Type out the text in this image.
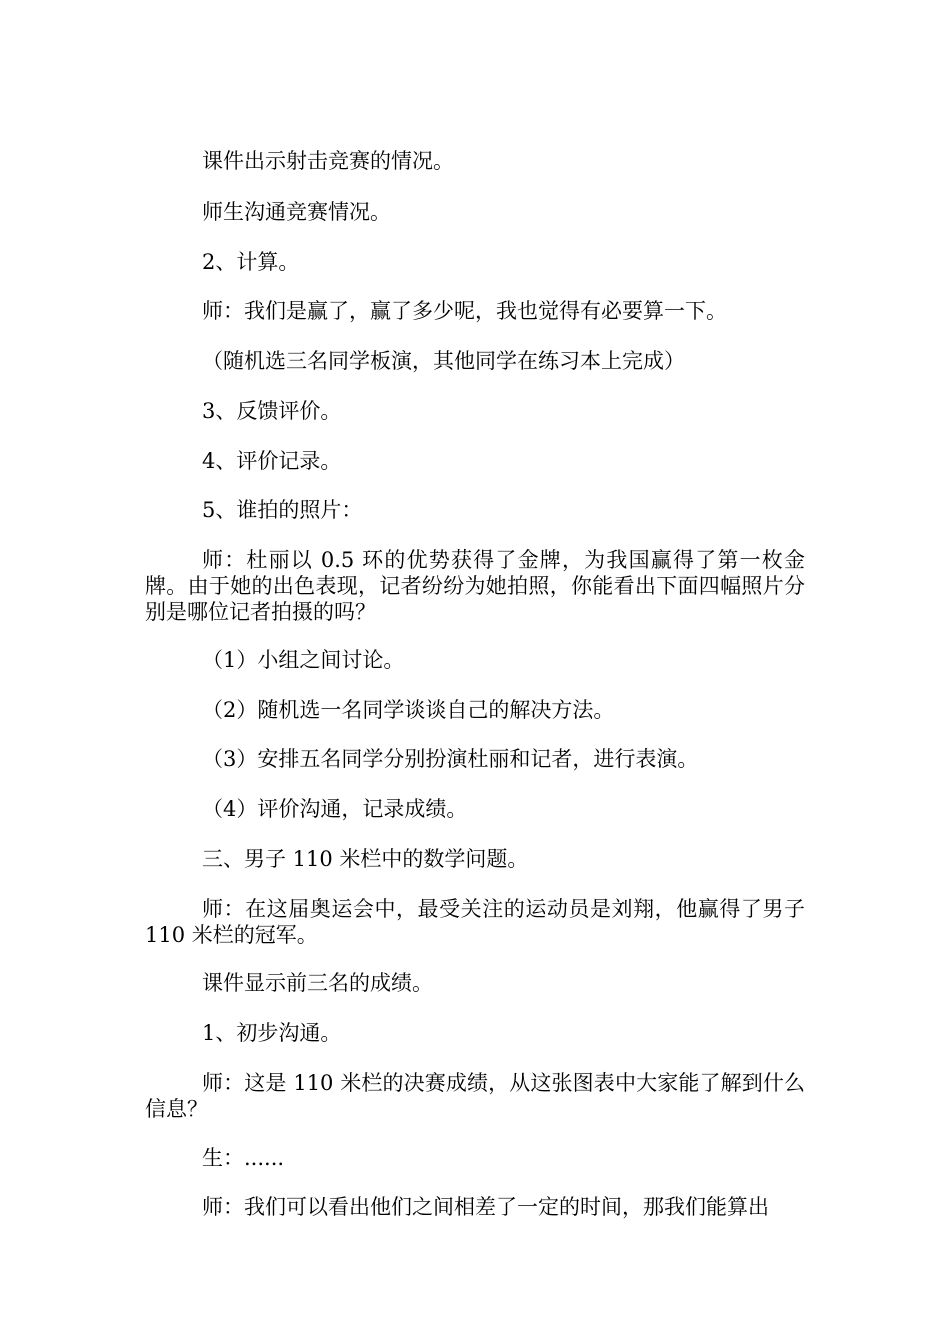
课件出示射击竞赛的情况。

师生沟通竞赛情况。

2、计算。

师：我们是赢了，赢了多少呢，我也觉得有必要算一下。

（随机选三名同学板演，其他同学在练习本上完成）

3、反馈评价。

4、评价记录。

5、谁拍的照片：

师：杜丽以 0.5 环的优势获得了金牌，为我国赢得了第一枚金牌。由于她的出色表现，记者纷纷为她拍照，你能看出下面四幅照片分别是哪位记者拍摄的吗？

（1）小组之间讨论。

（2）随机选一名同学谈谈自己的解决方法。

（3）安排五名同学分别扮演杜丽和记者，进行表演。

（4）评价沟通，记录成绩。

三、男子 110 米栏中的数学问题。

师：在这届奥运会中，最受关注的运动员是刘翔，他赢得了男子 110 米栏的冠军。

课件显示前三名的成绩。

1、初步沟通。

师：这是 110 米栏的决赛成绩，从这张图表中大家能了解到什么信息？

生：......

师：我们可以看出他们之间相差了一定的时间，那我们能算出
